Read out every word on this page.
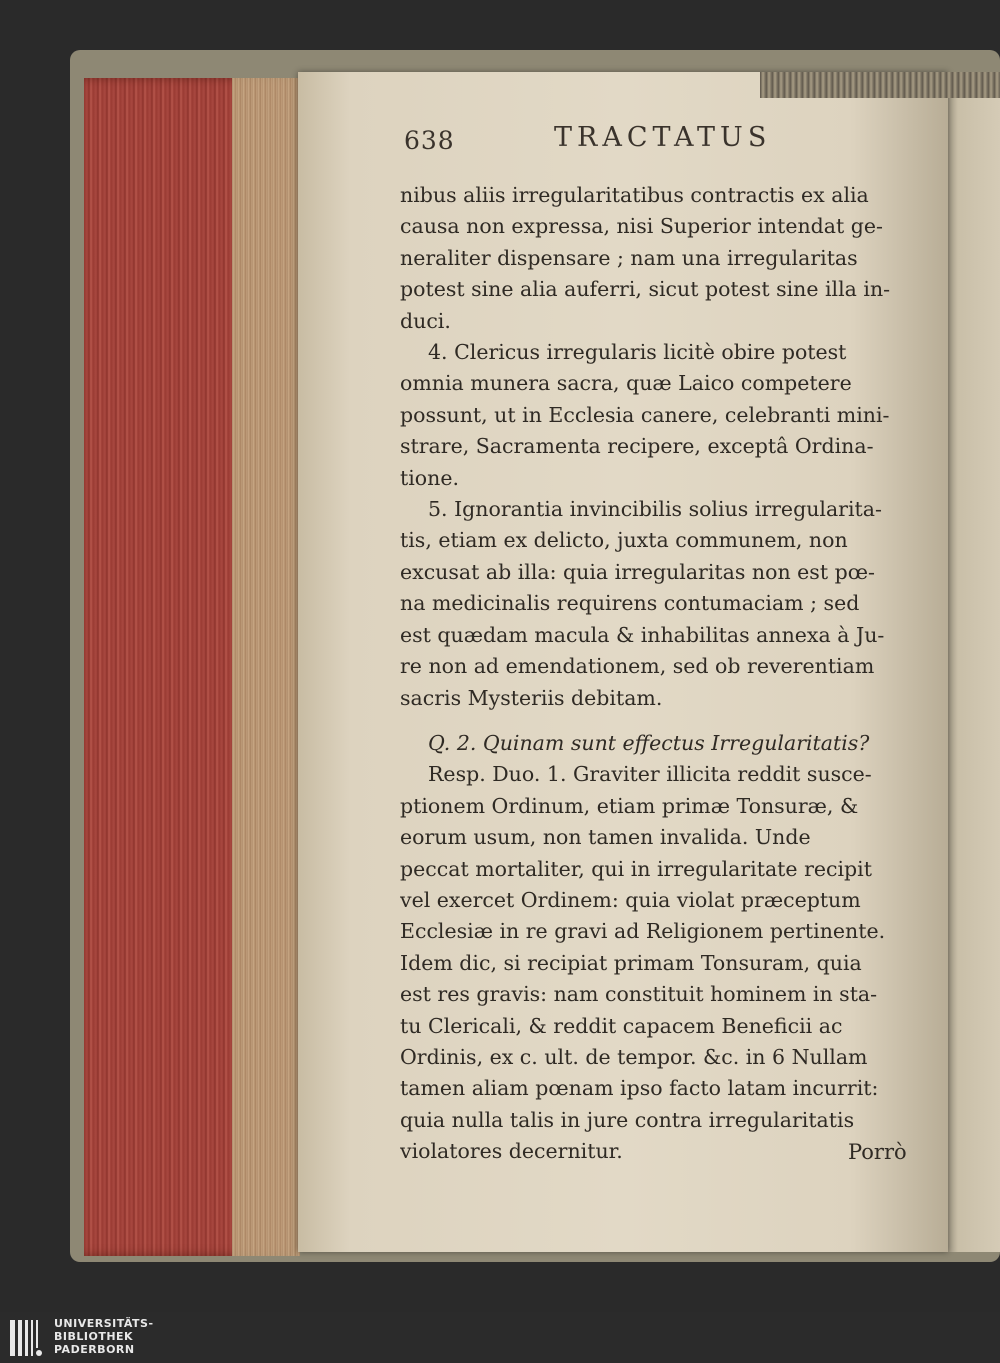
638	TRACTATUS
nibus aliis irregularitatibus contractis ex alia
causa non expressa, nisi Superior intendat ge-
neraliter dispensare ; nam una irregularitas
potest sine alia auferri, sicut potest sine illa in-
duci.
4. Clericus irregularis licitè obire potest
omnia munera sacra, quæ Laico competere
possunt, ut in Ecclesia canere, celebranti mini-
strare, Sacramenta recipere, exceptâ Ordina-
tione.
5. Ignorantia invincibilis solius irregularita-
tis, etiam ex delicto, juxta communem, non
excusat ab illa: quia irregularitas non est pœ-
na medicinalis requirens contumaciam ; sed
est quædam macula & inhabilitas annexa à Ju-
re non ad emendationem, sed ob reverentiam
sacris Mysteriis debitam.
Q. 2. Quinam sunt effectus Irregularitatis?
Resp. Duo. 1. Graviter illicita reddit susce-
ptionem Ordinum, etiam primæ Tonsuræ, &
eorum usum, non tamen invalida. Unde
peccat mortaliter, qui in irregularitate recipit
vel exercet Ordinem: quia violat præceptum
Ecclesiæ in re gravi ad Religionem pertinente.
Idem dic, si recipiat primam Tonsuram, quia
est res gravis: nam constituit hominem in sta-
tu Clericali, & reddit capacem Beneficii ac
Ordinis, ex c. ult. de tempor. &c. in 6 Nullam
tamen aliam pœnam ipso facto latam incurrit:
quia nulla talis in jure contra irregularitatis
violatores decernitur.	Porrò
UNIVERSITÄTS-
BIBLIOTHEK
PADERBORN
